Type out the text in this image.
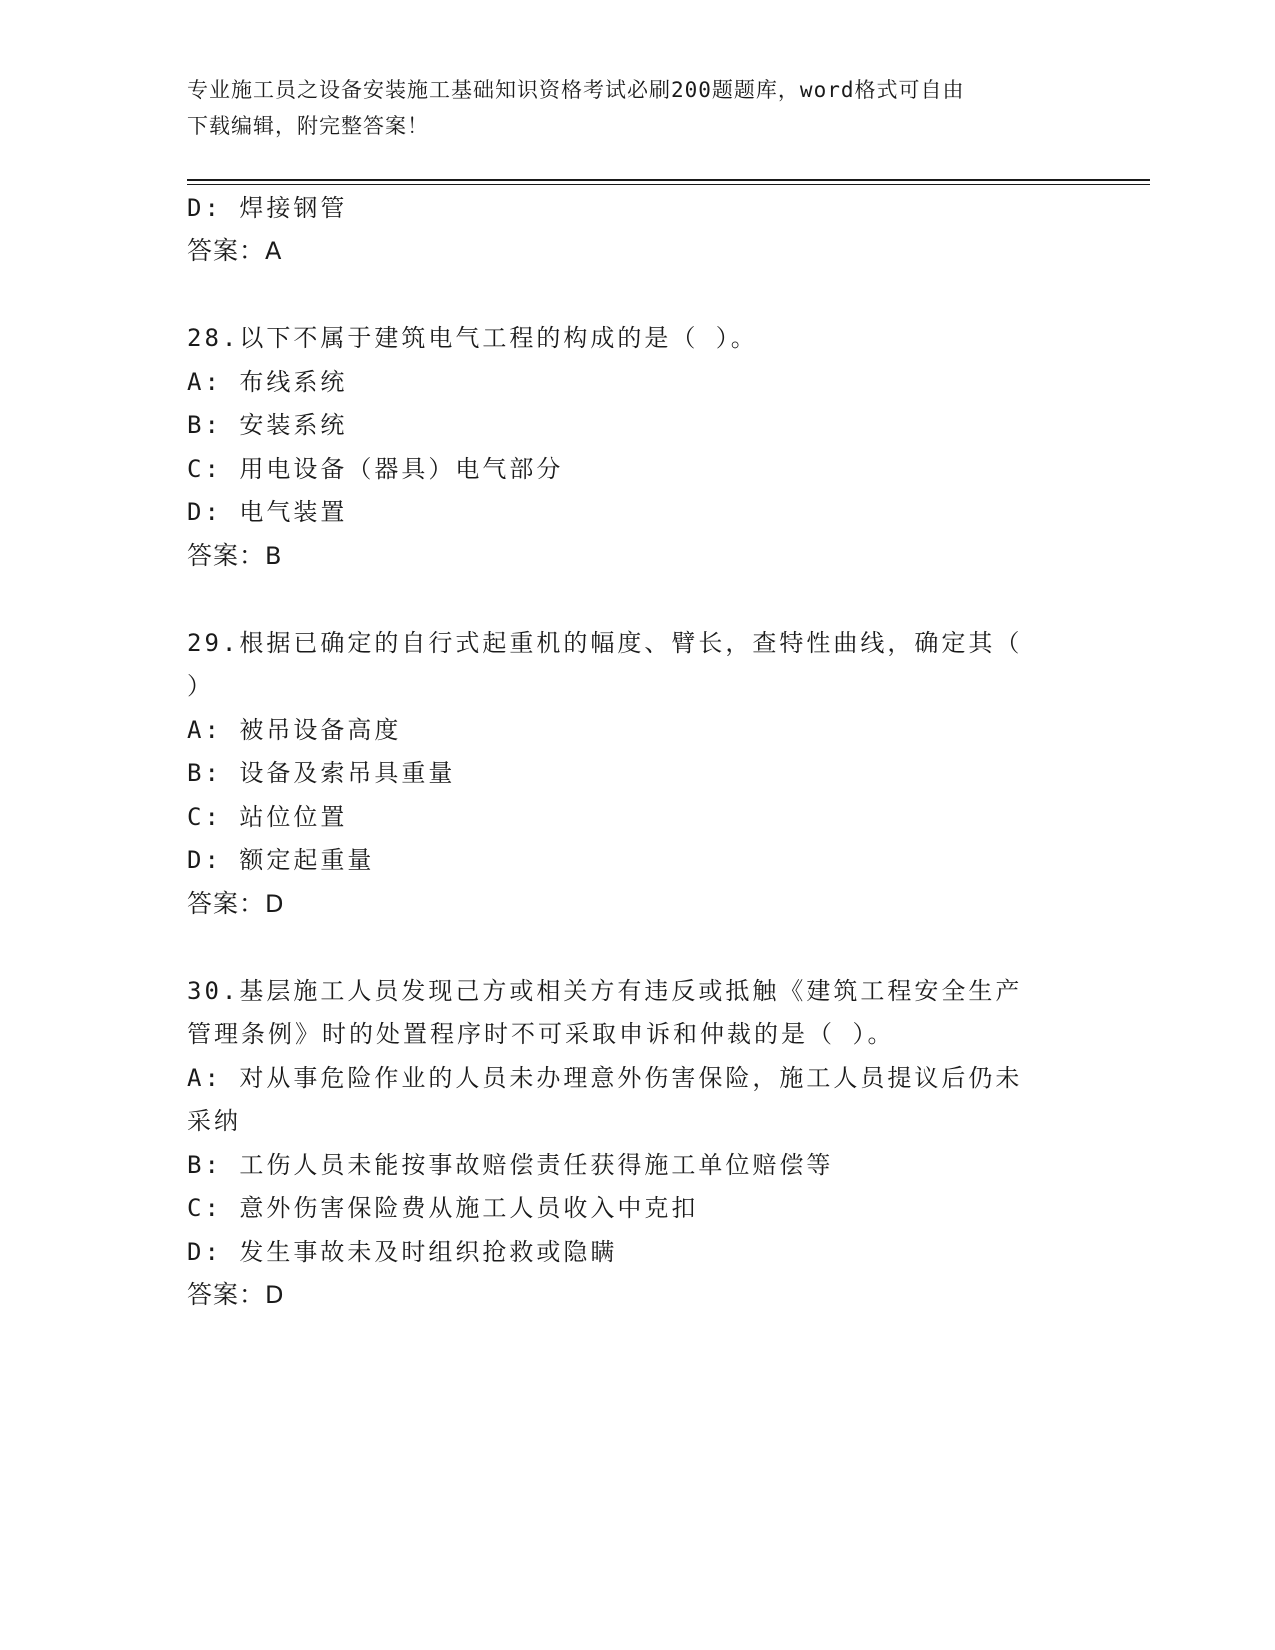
专业施工员之设备安装施工基础知识资格考试必刷200题题库，word格式可自由
下载编辑，附完整答案！
D: 焊接钢管
答案：A
28.以下不属于建筑电气工程的构成的是（ ）。
A: 布线系统
B: 安装系统
C: 用电设备（器具）电气部分
D: 电气装置
答案：B
29.根据已确定的自行式起重机的幅度、臂长，查特性曲线，确定其（
）
A: 被吊设备高度
B: 设备及索吊具重量
C: 站位位置
D: 额定起重量
答案：D
30.基层施工人员发现己方或相关方有违反或抵触《建筑工程安全生产
管理条例》时的处置程序时不可采取申诉和仲裁的是（ ）。
A: 对从事危险作业的人员未办理意外伤害保险，施工人员提议后仍未
采纳
B: 工伤人员未能按事故赔偿责任获得施工单位赔偿等
C: 意外伤害保险费从施工人员收入中克扣
D: 发生事故未及时组织抢救或隐瞒
答案：D
